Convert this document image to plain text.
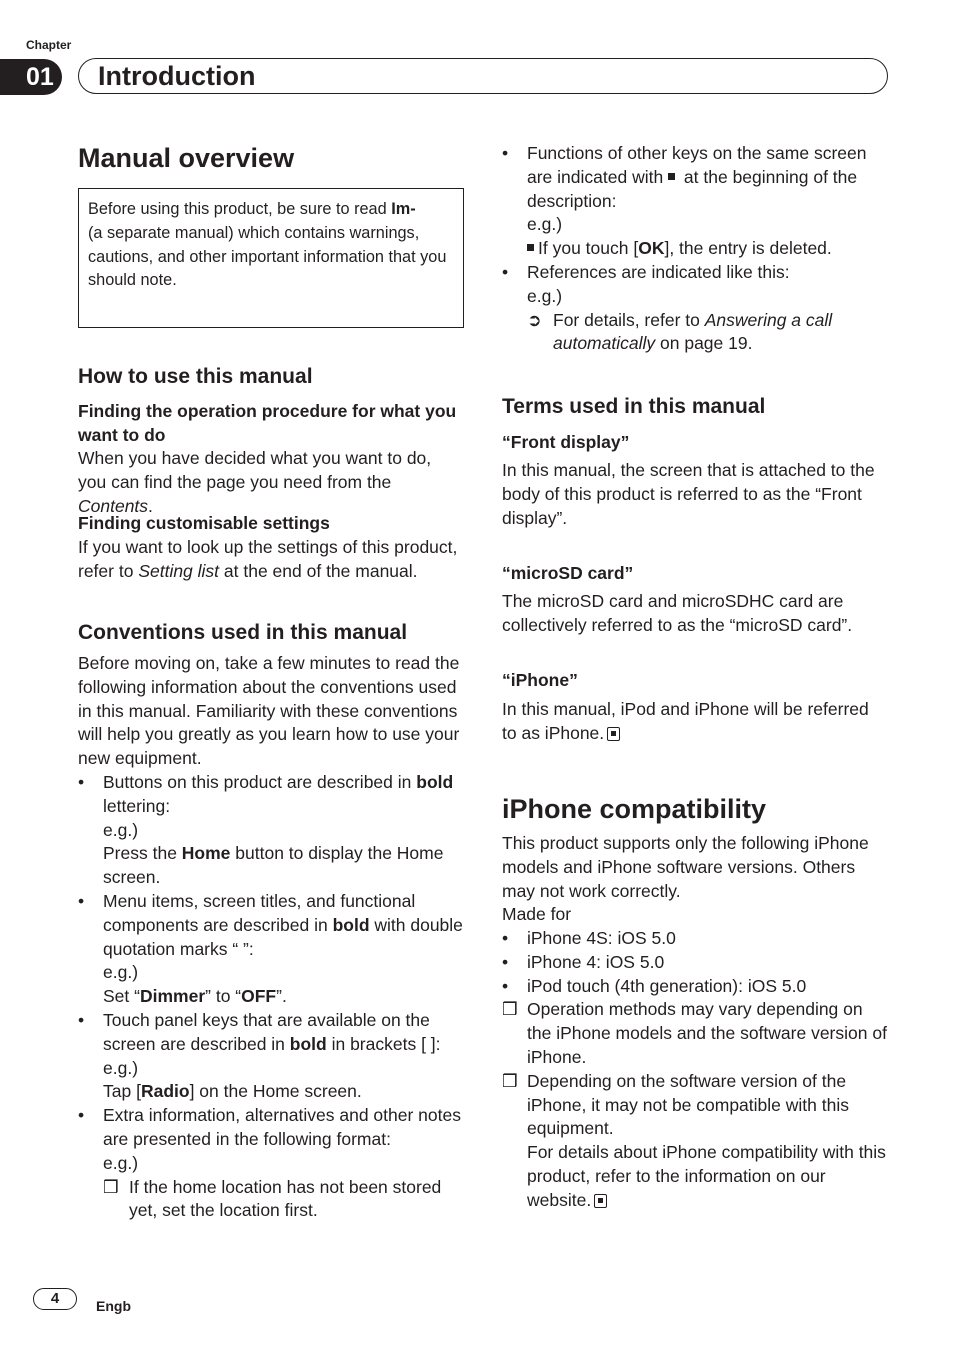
Chapter
01	Introduction
Manual overview
Before using this product, be sure to read Im-
(a separate manual) which contains warnings, cautions, and other important information that you should note.
How to use this manual
Finding the operation procedure for what you want to do

When you have decided what you want to do, you can find the page you need from the Contents.

Finding customisable settings

If you want to look up the settings of this product, refer to Setting list at the end of the manual.

Conventions used in this manual

Before moving on, take a few minutes to read the following information about the conventions used in this manual. Familiarity with these conventions will help you greatly as you learn how to use your new equipment.

•	Buttons on this product are described in bold lettering:
e.g.)
Press the Home button to display the Home screen.
•	Menu items, screen titles, and functional components are described in bold with double quotation marks “ ”:
e.g.)
Set “Dimmer” to “OFF”.
•	Touch panel keys that are available on the screen are described in bold in brackets [ ]:
e.g.)
Tap [Radio] on the Home screen.
•	Extra information, alternatives and other notes are presented in the following format:
e.g.)

❒ If the home location has not been stored yet, set the location first.
•	Functions of other keys on the same screen are indicated with  at the beginning of the description:
e.g.)
If you touch [OK], the entry is deleted.
•	References are indicated like this:
e.g.)

➲ For details, refer to Answering a call automatically on page 19.
Terms used in this manual
“Front display”

In this manual, the screen that is attached to the body of this product is referred to as the “Front display”.

“microSD card”

The microSD card and microSDHC card are collectively referred to as the “microSD card”.

“iPhone”

In this manual, iPod and iPhone will be referred to as iPhone.

iPhone compatibility

This product supports only the following iPhone models and iPhone software versions. Others may not work correctly.

Made for

•	iPhone 4S: iOS 5.0
•	iPhone 4: iOS 5.0
•	iPod touch (4th generation): iOS 5.0
❒ Operation methods may vary depending on the iPhone models and the software version of iPhone.
❒ Depending on the software version of the iPhone, it may not be compatible with this equipment.
For details about iPhone compatibility with this product, refer to the information on our website.
4	Engb
